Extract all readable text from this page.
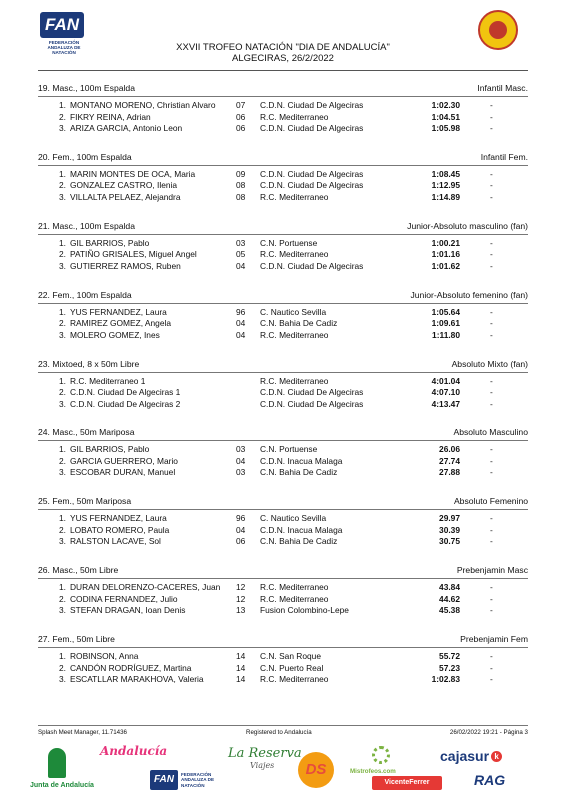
FAN
FEDERACIÓN ANDALUZA DE NATACIÓN	XXVII TROFEO NATACIÓN "DIA DE ANDALUCÍA"
ALGECIRAS, 26/2/2022
19. Masc., 100m Espalda	Infantil Masc.
1. MONTANO MORENO, Christian Alvaro 07 C.D.N. Ciudad De Algeciras	1:02.30	-
2. FIKRY REINA, Adrian	06 R.C. Mediterraneo	1:04.51	-
3. ARIZA GARCIA, Antonio Leon	06 C.D.N. Ciudad De Algeciras	1:05.98	-
20. Fem., 100m Espalda	Infantil Fem.
1. MARIN MONTES DE OCA, Maria	09 C.D.N. Ciudad De Algeciras	1:08.45	-
2. GONZALEZ CASTRO, Ilenia	08 C.D.N. Ciudad De Algeciras	1:12.95	-
3. VILLALTA PELAEZ, Alejandra	08 R.C. Mediterraneo	1:14.89	-
21. Masc., 100m Espalda	Junior-Absoluto masculino (fan)
1. GIL BARRIOS, Pablo	03 C.N. Portuense	1:00.21	-
2. PATIÑO GRISALES, Miguel Angel	05 R.C. Mediterraneo	1:01.16	-
3. GUTIERREZ RAMOS, Ruben	04 C.D.N. Ciudad De Algeciras	1:01.62	-
22. Fem., 100m Espalda	Junior-Absoluto femenino (fan)
1. YUS FERNANDEZ, Laura	96 C. Nautico Sevilla	1:05.64	-
2. RAMIREZ GOMEZ, Angela	04 C.N. Bahia De Cadiz	1:09.61	-
3. MOLERO GOMEZ, Ines	04 R.C. Mediterraneo	1:11.80	-
23. Mixtoed, 8 x 50m Libre	Absoluto Mixto (fan)
1. R.C. Mediterraneo 1	R.C. Mediterraneo	4:01.04	-
2. C.D.N. Ciudad De Algeciras 1	C.D.N. Ciudad De Algeciras	4:07.10	-
3. C.D.N. Ciudad De Algeciras 2	C.D.N. Ciudad De Algeciras	4:13.47	-
24. Masc., 50m Mariposa	Absoluto Masculino
1. GIL BARRIOS, Pablo	03 C.N. Portuense	26.06	-
2. GARCIA GUERRERO, Mario	04 C.D.N. Inacua Malaga	27.74	-
3. ESCOBAR DURAN, Manuel	03 C.N. Bahia De Cadiz	27.88	-
25. Fem., 50m Mariposa	Absoluto Femenino
1. YUS FERNANDEZ, Laura	96 C. Nautico Sevilla	29.97	-
2. LOBATO ROMERO, Paula	04 C.D.N. Inacua Malaga	30.39	-
3. RALSTON LACAVE, Sol	06 C.N. Bahia De Cadiz	30.75	-
26. Masc., 50m Libre	Prebenjamin Masc
1. DURAN DELORENZO-CACERES, Juan 12 R.C. Mediterraneo	43.84	-
2. CODINA FERNANDEZ, Julio	12 R.C. Mediterraneo	44.62	-
3. STEFAN DRAGAN, Ioan Denis	13 Fusion Colombino-Lepe	45.38	-
27. Fem., 50m Libre	Prebenjamin Fem
1. ROBINSON, Anna	14 C.N. San Roque	55.72	-
2. CANDÓN RODRÍGUEZ, Martina	14 C.N. Puerto Real	57.23	-
3. ESCATLLAR MARAKHOVA, Valeria	14 R.C. Mediterraneo	1:02.83	-
Splash Meet Manager, 11.71436	Registered to Andalucía	26/02/2022 19:21 - Página 3
Junta de Andalucía
Andalucía
FAN	FEDERACIÓN ANDALUZA DE NATACIÓN
La Reserva
Viajes	DS	Mistrofeos.com
VicenteFerrer
cajasur k
RAG
